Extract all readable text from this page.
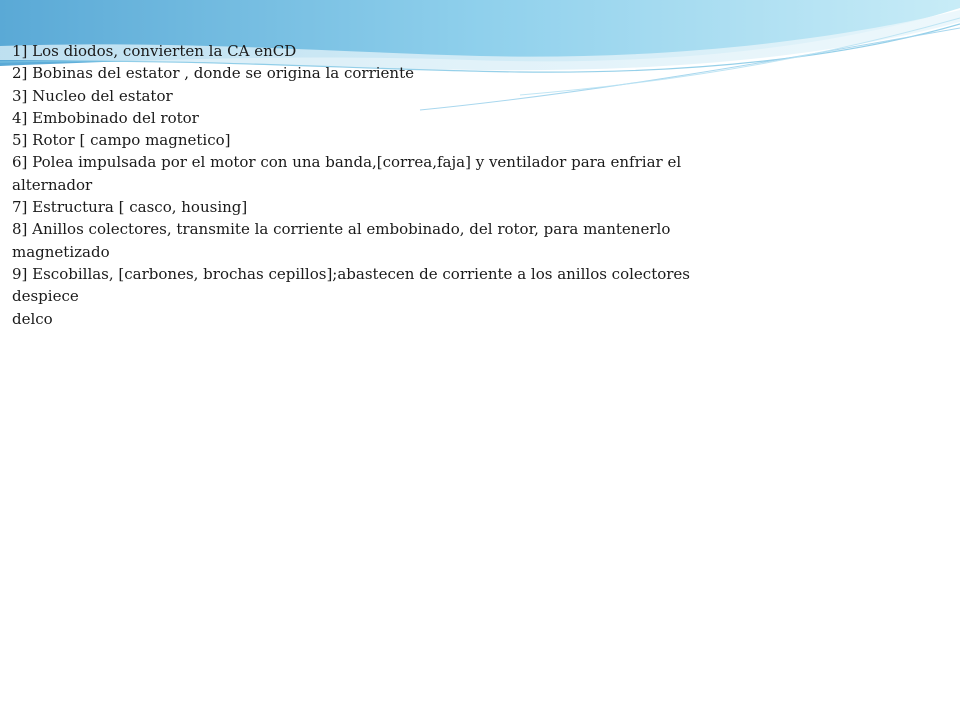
1] Los diodos, convierten la CA enCD
2] Bobinas del estator , donde se origina la corriente
3] Nucleo del estator
4] Embobinado del rotor
5] Rotor [ campo magnetico]
6] Polea impulsada por el motor con una banda,[correa,faja] y ventilador para enfriar el alternador
7] Estructura [ casco, housing]
8] Anillos colectores, transmite la corriente al embobinado, del rotor, para mantenerlo magnetizado
9] Escobillas, [carbones, brochas cepillos];abastecen de corriente a los anillos colectores
despiece
delco
